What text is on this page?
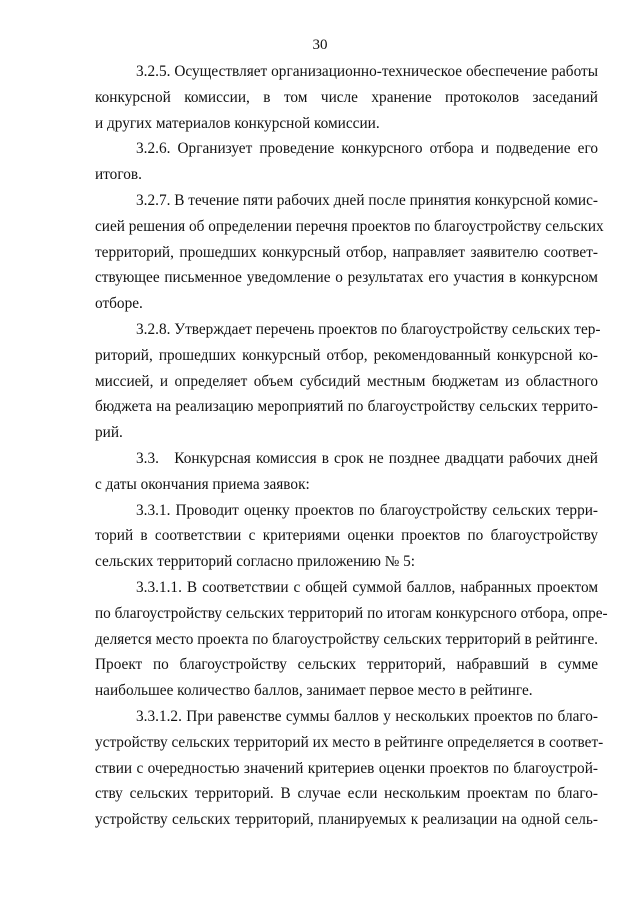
30
3.2.5. Осуществляет организационно-техническое обеспечение работы
конкурсной комиссии, в том числе хранение протоколов заседаний
и других материалов конкурсной комиссии.
3.2.6. Организует проведение конкурсного отбора и подведение его
итогов.
3.2.7. В течение пяти рабочих дней после принятия конкурсной комис-
сией решения об определении перечня проектов по благоустройству сельских
территорий, прошедших конкурсный отбор, направляет заявителю соответ-
ствующее письменное уведомление о результатах его участия в конкурсном
отборе.
3.2.8. Утверждает перечень проектов по благоустройству сельских тер-
риторий, прошедших конкурсный отбор, рекомендованный конкурсной ко-
миссией, и определяет объем субсидий местным бюджетам из областного
бюджета на реализацию мероприятий по благоустройству сельских террито-
рий.
3.3.   Конкурсная комиссия в срок не позднее двадцати рабочих дней
с даты окончания приема заявок:
3.3.1. Проводит оценку проектов по благоустройству сельских терри-
торий в соответствии с критериями оценки проектов по благоустройству
сельских территорий согласно приложению № 5:
3.3.1.1. В соответствии с общей суммой баллов, набранных проектом
по благоустройству сельских территорий по итогам конкурсного отбора, опре-
деляется место проекта по благоустройству сельских территорий в рейтинге.
Проект по благоустройству сельских территорий, набравший в сумме
наибольшее количество баллов, занимает первое место в рейтинге.
3.3.1.2. При равенстве суммы баллов у нескольких проектов по благо-
устройству сельских территорий их место в рейтинге определяется в соответ-
ствии с очередностью значений критериев оценки проектов по благоустрой-
ству сельских территорий. В случае если нескольким проектам по благо-
устройству сельских территорий, планируемых к реализации на одной сель-
